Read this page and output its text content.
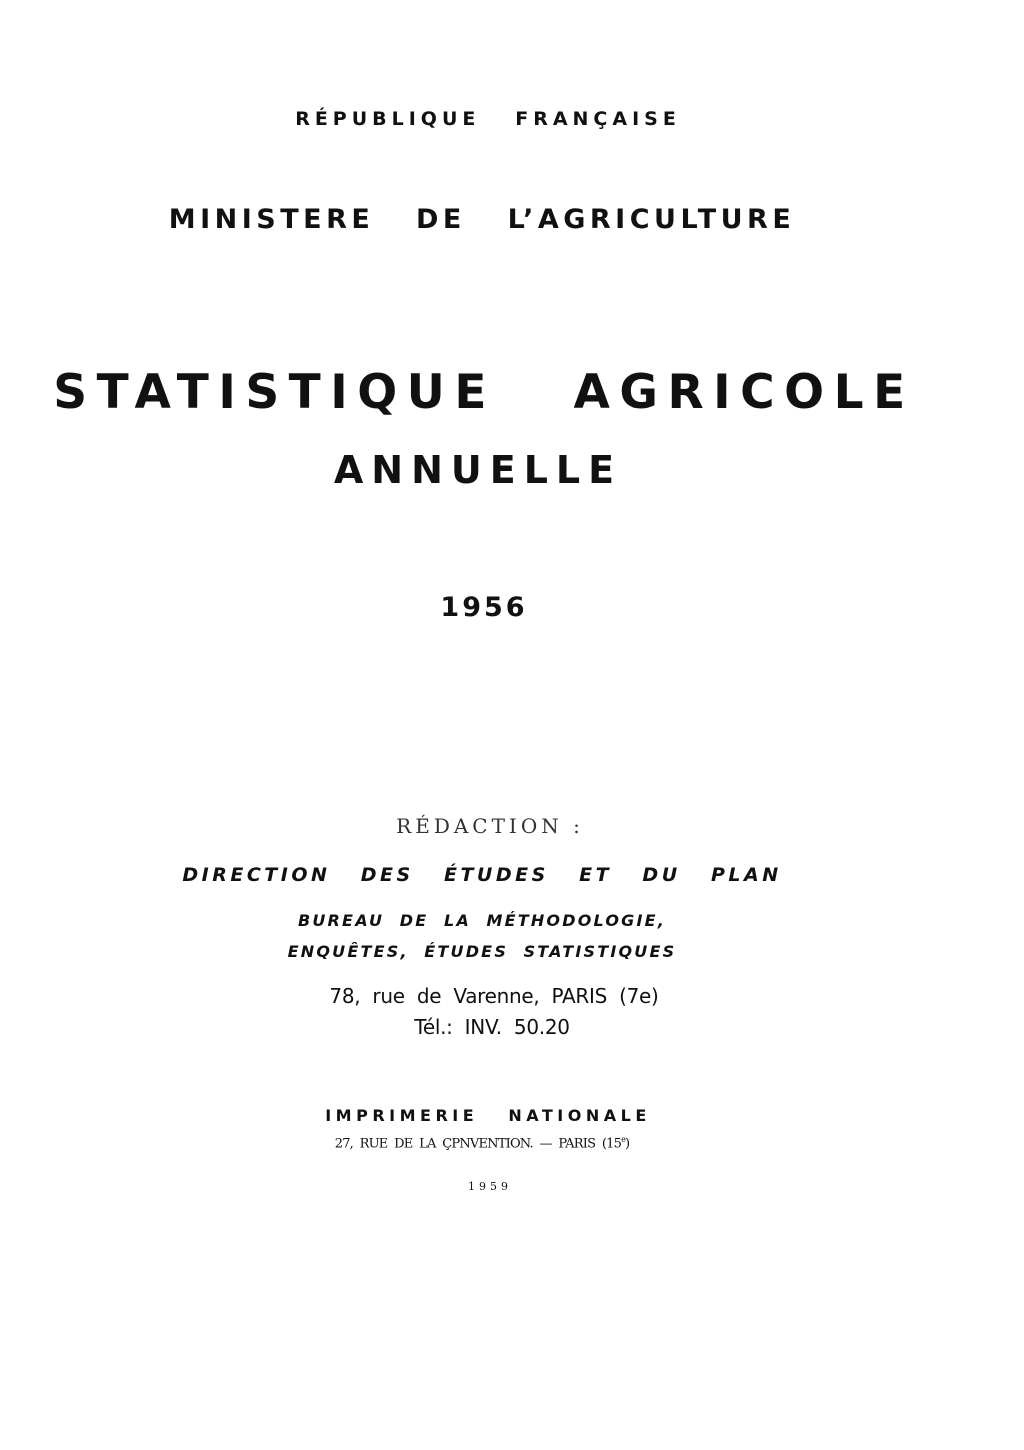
RÉPUBLIQUE   FRANÇAISE

MINISTERE   DE   L’AGRICULTURE

STATISTIQUE   AGRICOLE
ANNUELLE

1956

RÉDACTION :

DIRECTION   DES   ÉTUDES   ET   DU   PLAN

BUREAU  DE  LA  MÉTHODOLOGIE,

ENQUÊTES,  ÉTUDES  STATISTIQUES

78,  rue  de  Varenne,  PARIS  (7e)

Tél.:  INV.  50.20

IMPRIMERIE   NATIONALE

27,  RUE  DE  LA  ÇPNVENTION.  —  PARIS  (15e)

1959
